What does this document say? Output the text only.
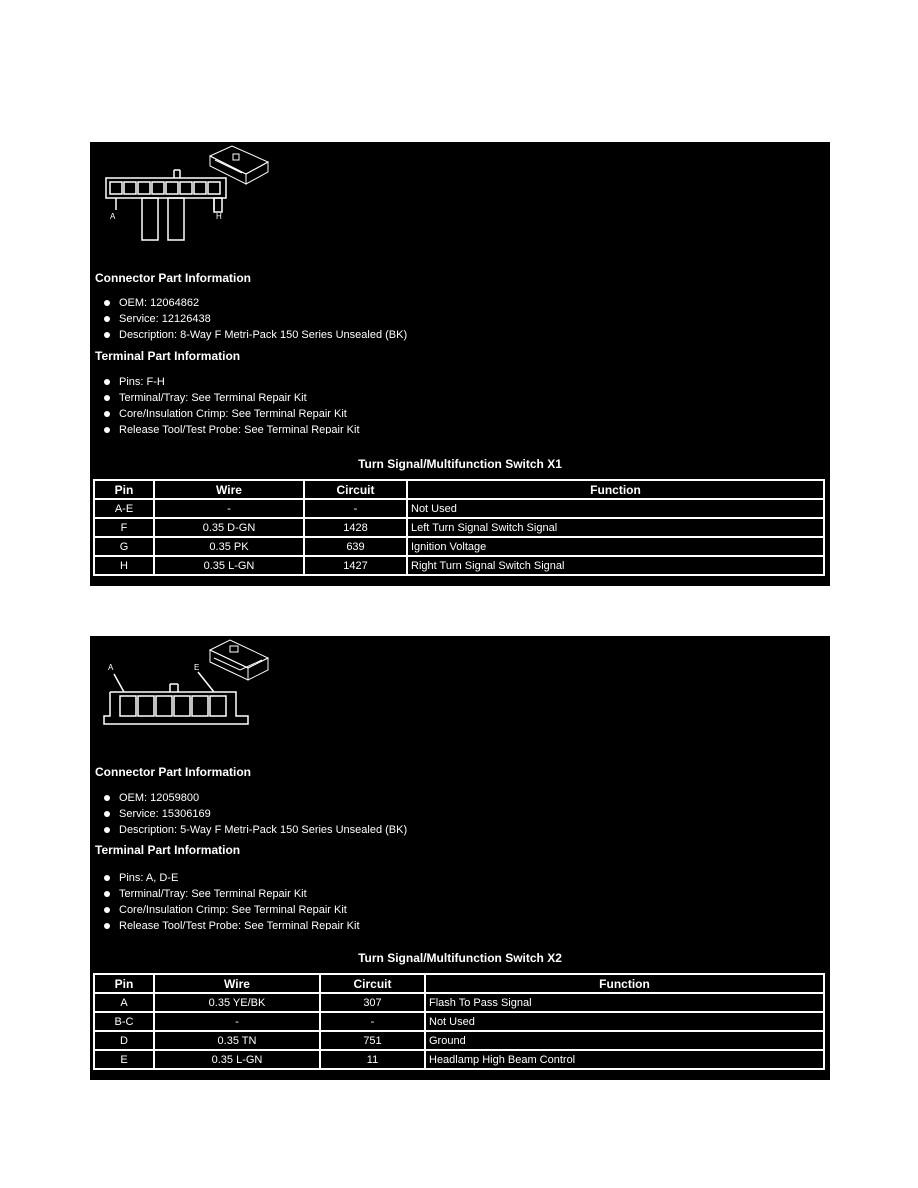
A	H

Connector Part Information

OEM: 12064862
Service: 12126438
Description: 8-Way F Metri-Pack 150 Series Unsealed (BK)

Terminal Part Information

Pins: F-H
Terminal/Tray: See Terminal Repair Kit
Core/Insulation Crimp: See Terminal Repair Kit
Release Tool/Test Probe: See Terminal Repair Kit
Turn Signal/Multifunction Switch X1
Pin	Wire	Circuit	Function
A-E	-	-	Not Used
F	0.35 D-GN	1428	Left Turn Signal Switch Signal
G	0.35 PK	639	Ignition Voltage
H	0.35 L-GN	1427	Right Turn Signal Switch Signal
A	E

Connector Part Information

OEM: 12059800
Service: 15306169
Description: 5-Way F Metri-Pack 150 Series Unsealed (BK)

Terminal Part Information

Pins: A, D-E
Terminal/Tray: See Terminal Repair Kit
Core/Insulation Crimp: See Terminal Repair Kit
Release Tool/Test Probe: See Terminal Repair Kit
Turn Signal/Multifunction Switch X2
Pin	Wire	Circuit	Function
A	0.35 YE/BK	307	Flash To Pass Signal
B-C	-	-	Not Used
D	0.35 TN	751	Ground
E	0.35 L-GN	11	Headlamp High Beam Control
